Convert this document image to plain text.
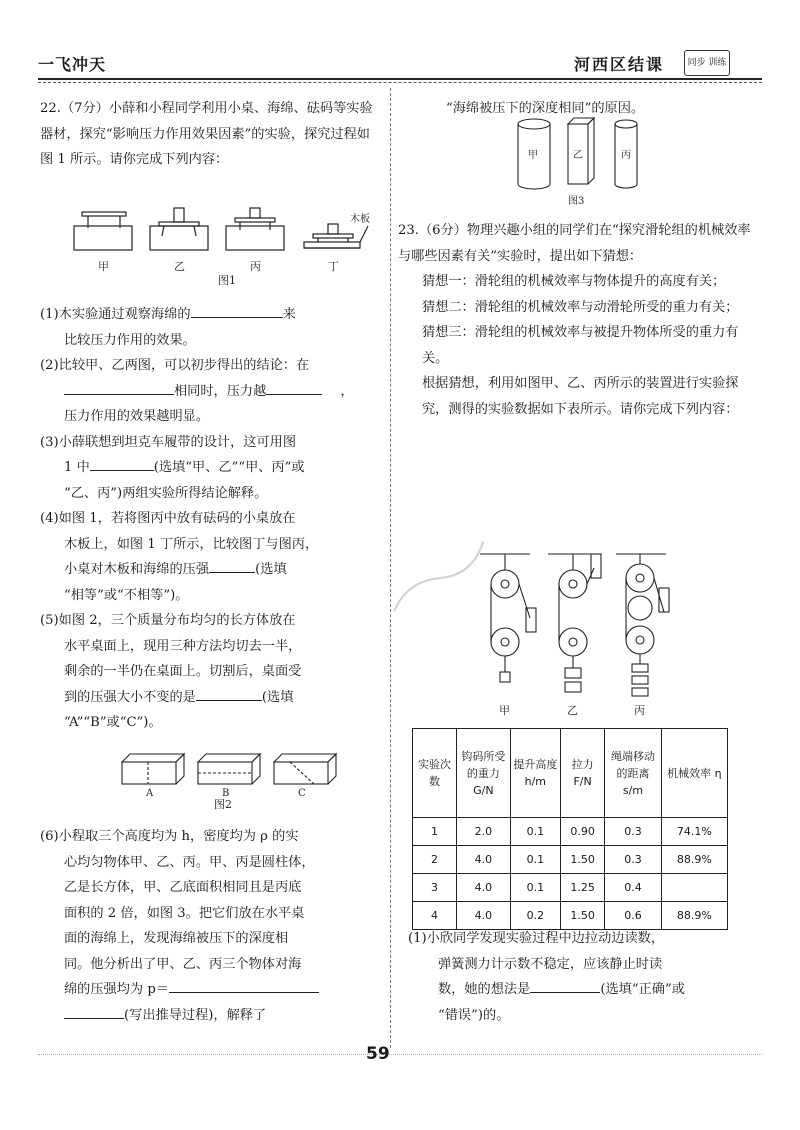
一飞冲天	河西区结课	同步 训练

22.（7分）小薛和小程同学利用小桌、海绵、砝码等实验器材，探究“影响压力作用效果因素”的实验，探究过程如图 1 所示。请你完成下列内容：

(1)木实验通过观察海绵的	来

比较压力作用的效果。

(2)比较甲、乙两图，可以初步得出的结论：在

相同时，压力越	，

压力作用的效果越明显。

(3)小薛联想到坦克车履带的设计，这可用图

1 中	(选填“甲、乙”“甲、丙”或

“乙、丙”)两组实验所得结论解释。

(4)如图 1，若将图丙中放有砝码的小桌放在

木板上，如图 1 丁所示，比较图丁与图丙，

小桌对木板和海绵的压强	(选填

“相等”或“不相等”)。

(5)如图 2，三个质量分布均匀的长方体放在

水平桌面上，现用三种方法均切去一半，

剩余的一半仍在桌面上。切割后，桌面受

到的压强大小不变的是	(选填

“A”“B”或“C”)。

木板
甲	乙	丙	丁
图1
A	B	C
图2

(6)小程取三个高度均为 h，密度均为 ρ 的实

心均匀物体甲、乙、丙。甲、丙是圆柱体，

乙是长方体，甲、乙底面积相同且是丙底

面积的 2 倍，如图 3。把它们放在水平桌

面的海绵上，发现海绵被压下的深度相

同。他分析出了甲、乙、丙三个物体对海

绵的压强均为 p＝

(写出推导过程)，解释了

“海绵被压下的深度相同”的原因。

甲	乙	丙
图3

23.（6分）物理兴趣小组的同学们在“探究滑轮组的机械效率与哪些因素有关”实验时，提出如下猜想：

猜想一：滑轮组的机械效率与物体提升的高度有关；

猜想二：滑轮组的机械效率与动滑轮所受的重力有关；

猜想三：滑轮组的机械效率与被提升物体所受的重力有关。

根据猜想，利用如图甲、乙、丙所示的装置进行实验探究，测得的实验数据如下表所示。请你完成下列内容：

甲	乙	丙
实验次数	钩码所受的重力 G/N	提升高度 h/m	拉力 F/N	绳端移动的距离 s/m	机械效率 η
1	2.0	0.1	0.90	0.3	74.1%
2	4.0	0.1	1.50	0.3	88.9%
3	4.0	0.1	1.25	0.4	
4	4.0	0.2	1.50	0.6	88.9%

(1)小欣同学发现实验过程中边拉动边读数，

弹簧测力计示数不稳定，应该静止时读

数，她的想法是	(选填“正确”或

“错误”)的。

59
